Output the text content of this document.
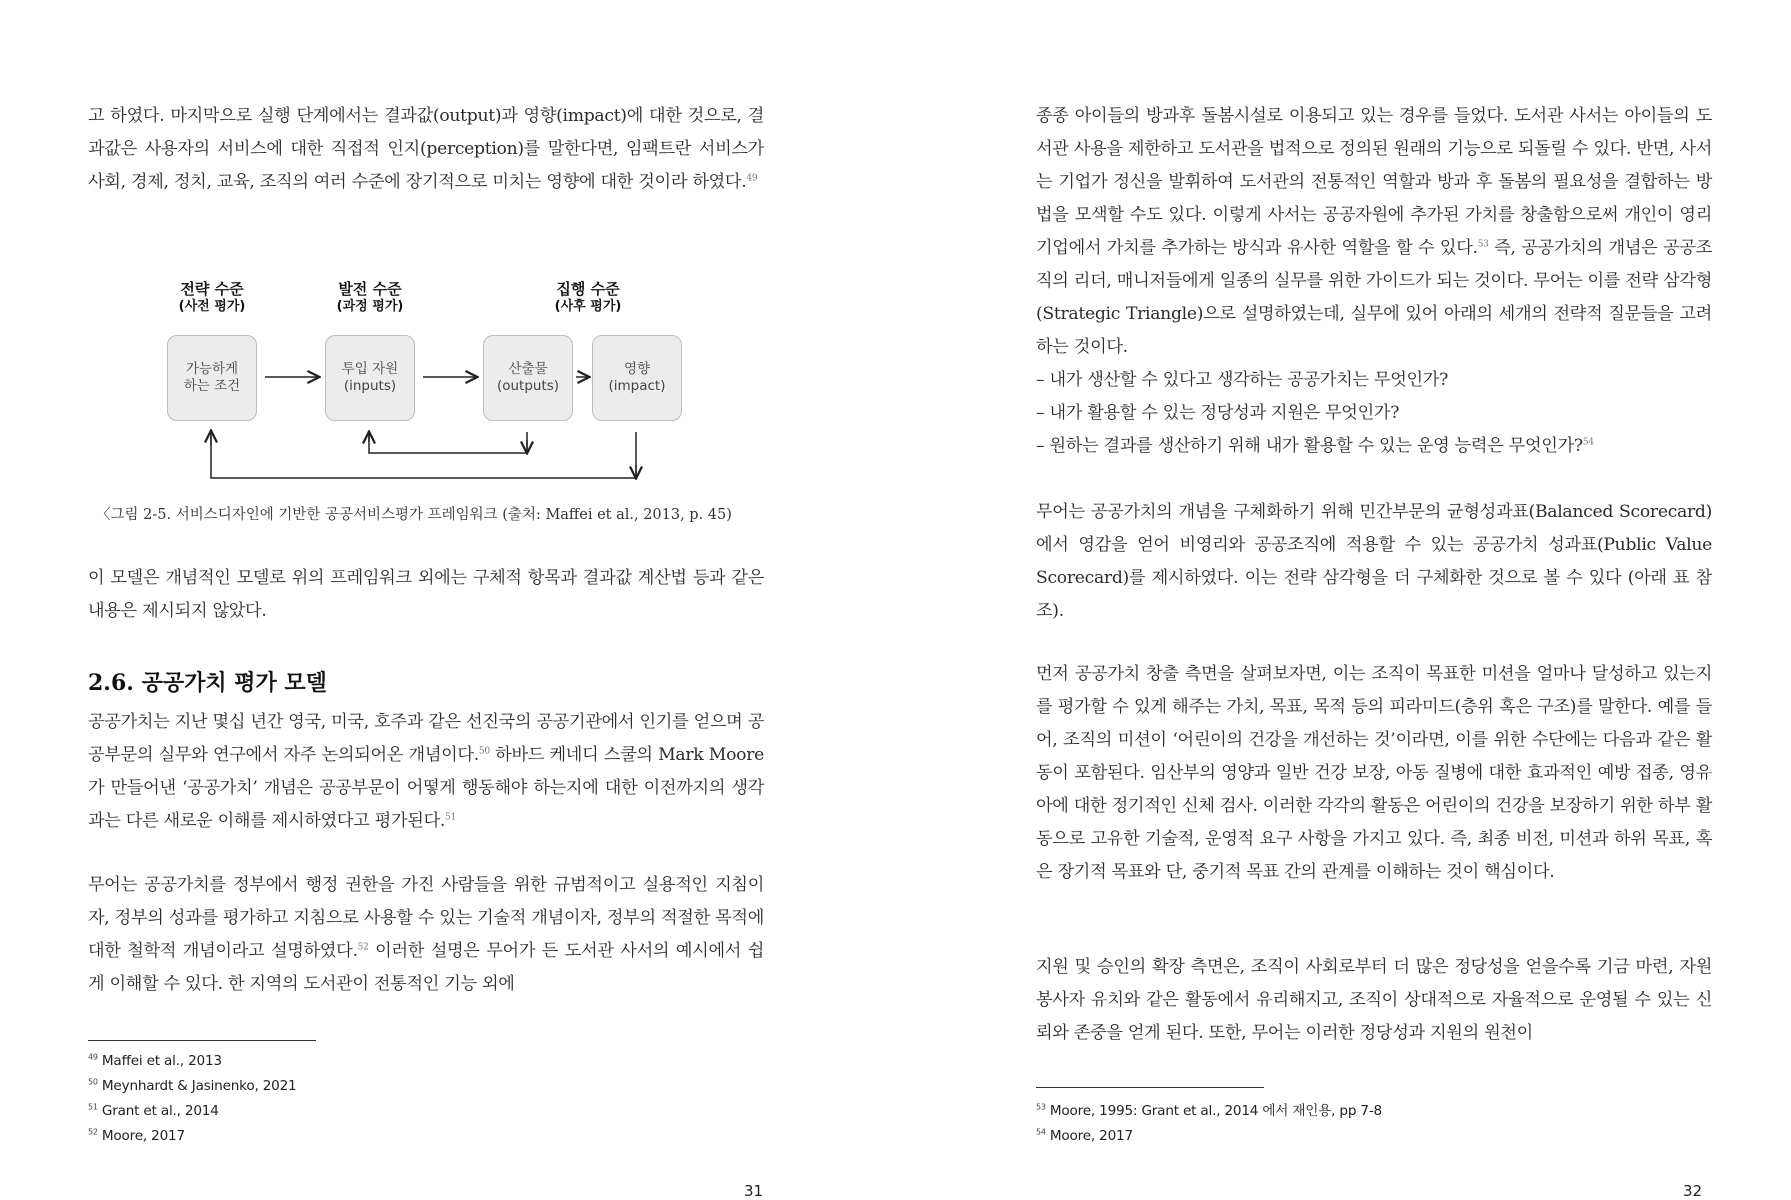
고 하였다. 마지막으로 실행 단계에서는 결과값(output)과 영향(impact)에 대한 것으로, 결과값은 사용자의 서비스에 대한 직접적 인지(perception)를 말한다면, 임팩트란 서비스가 사회, 경제, 정치, 교육, 조직의 여러 수준에 장기적으로 미치는 영향에 대한 것이라 하였다.$^{49}$

전략 수준
(사전 평가)
발전 수준
(과정 평가)
집행 수준
(사후 평가)
가능하게
하는 조건
투입 자원
(inputs)
산출물
(outputs)
영향
(impact)

〈그림 2-5. 서비스디자인에 기반한 공공서비스평가 프레임워크 (출처: Maffei et al., 2013, p. 45)

이 모델은 개념적인 모델로 위의 프레임워크 외에는 구체적 항목과 결과값 계산법 등과 같은 내용은 제시되지 않았다.

2.6. 공공가치 평가 모델

공공가치는 지난 몇십 년간 영국, 미국, 호주과 같은 선진국의 공공기관에서 인기를 얻으며 공공부문의 실무와 연구에서 자주 논의되어온 개념이다.$^{50}$ 하바드 케네디 스쿨의 Mark Moore가 만들어낸 ‘공공가치’ 개념은 공공부문이 어떻게 행동해야 하는지에 대한 이전까지의 생각과는 다른 새로운 이해를 제시하였다고 평가된다.$^{51}$

무어는 공공가치를 정부에서 행정 권한을 가진 사람들을 위한 규범적이고 실용적인 지침이자, 정부의 성과를 평가하고 지침으로 사용할 수 있는 기술적 개념이자, 정부의 적절한 목적에 대한 철학적 개념이라고 설명하였다.$^{52}$ 이러한 설명은 무어가 든 도서관 사서의 예시에서 쉽게 이해할 수 있다. 한 지역의 도서관이 전통적인 기능 외에

$^{49}$ Maffei et al., 2013
$^{50}$ Meynhardt & Jasinenko, 2021
$^{51}$ Grant et al., 2014
$^{52}$ Moore, 2017
31

종종 아이들의 방과후 돌봄시설로 이용되고 있는 경우를 들었다. 도서관 사서는 아이들의 도서관 사용을 제한하고 도서관을 법적으로 정의된 원래의 기능으로 되돌릴 수 있다. 반면, 사서는 기업가 정신을 발휘하여 도서관의 전통적인 역할과 방과 후 돌봄의 필요성을 결합하는 방법을 모색할 수도 있다. 이렇게 사서는 공공자원에 추가된 가치를 창출함으로써 개인이 영리 기업에서 가치를 추가하는 방식과 유사한 역할을 할 수 있다.$^{53}$ 즉, 공공가치의 개념은 공공조직의 리더, 매니저들에게 일종의 실무를 위한 가이드가 되는 것이다. 무어는 이를 전략 삼각형(Strategic Triangle)으로 설명하였는데, 실무에 있어 아래의 세개의 전략적 질문들을 고려하는 것이다.

– 내가 생산할 수 있다고 생각하는 공공가치는 무엇인가?
– 내가 활용할 수 있는 정당성과 지원은 무엇인가?
– 원하는 결과를 생산하기 위해 내가 활용할 수 있는 운영 능력은 무엇인가?$^{54}$

무어는 공공가치의 개념을 구체화하기 위해 민간부문의 균형성과표(Balanced Scorecard)에서 영감을 얻어 비영리와 공공조직에 적용할 수 있는 공공가치 성과표(Public Value Scorecard)를 제시하였다. 이는 전략 삼각형을 더 구체화한 것으로 볼 수 있다 (아래 표 참조).

먼저 공공가치 창출 측면을 살펴보자면, 이는 조직이 목표한 미션을 얼마나 달성하고 있는지를 평가할 수 있게 해주는 가치, 목표, 목적 등의 피라미드(층위 혹은 구조)를 말한다. 예를 들어, 조직의 미션이 ‘어린이의 건강을 개선하는 것’이라면, 이를 위한 수단에는 다음과 같은 활동이 포함된다. 임산부의 영양과 일반 건강 보장, 아동 질병에 대한 효과적인 예방 접종, 영유아에 대한 정기적인 신체 검사. 이러한 각각의 활동은 어린이의 건강을 보장하기 위한 하부 활동으로 고유한 기술적, 운영적 요구 사항을 가지고 있다. 즉, 최종 비전, 미션과 하위 목표, 혹은 장기적 목표와 단, 중기적 목표 간의 관계를 이해하는 것이 핵심이다.

지원 및 승인의 확장 측면은, 조직이 사회로부터 더 많은 정당성을 얻을수록 기금 마련, 자원봉사자 유치와 같은 활동에서 유리해지고, 조직이 상대적으로 자율적으로 운영될 수 있는 신뢰와 존중을 얻게 된다. 또한, 무어는 이러한 정당성과 지원의 원천이

$^{53}$ Moore, 1995: Grant et al., 2014 에서 재인용, pp 7-8
$^{54}$ Moore, 2017
32
